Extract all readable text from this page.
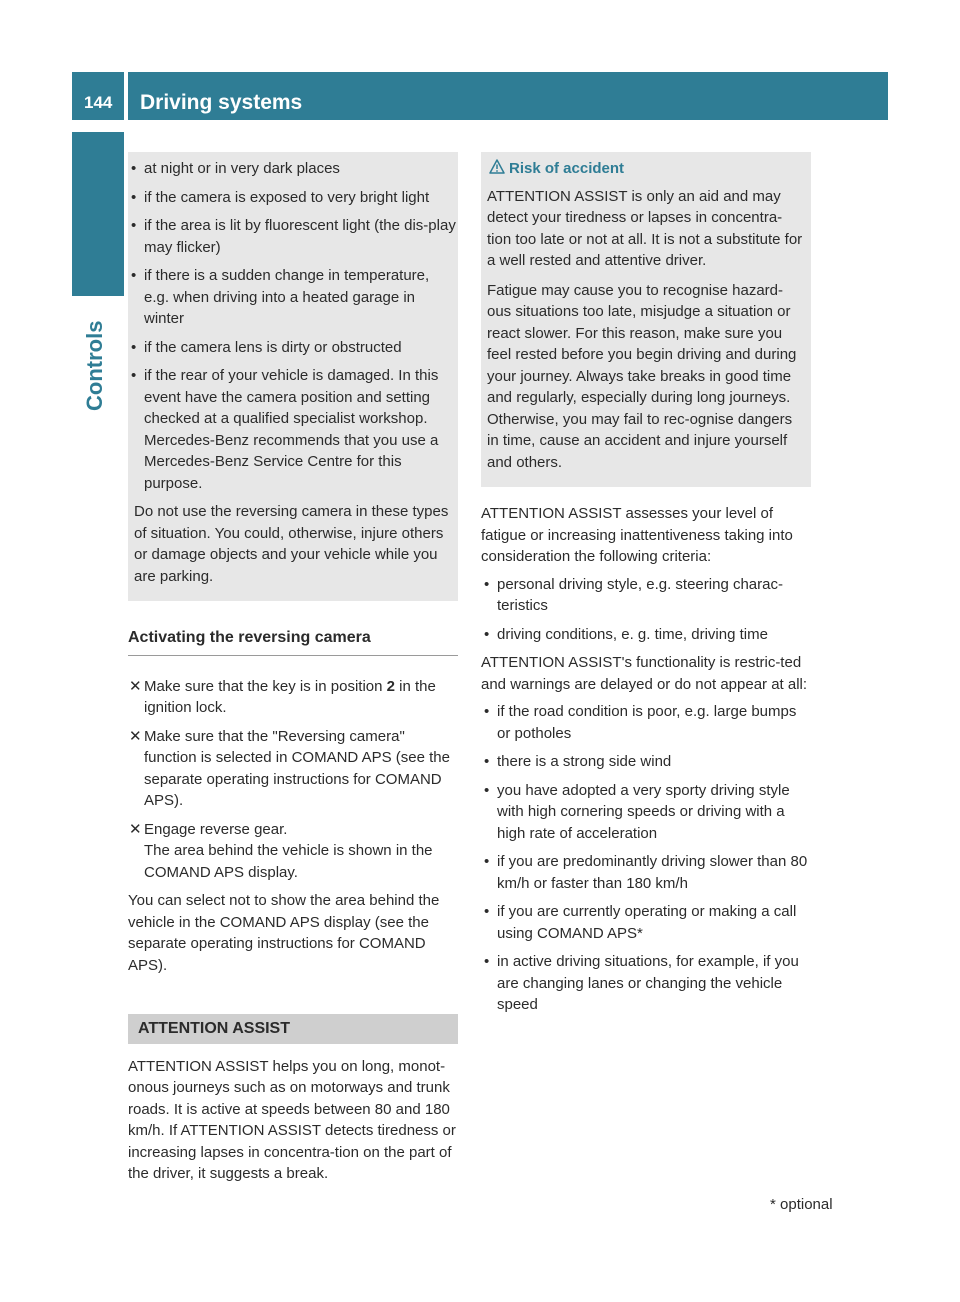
144	Driving systems
Controls
• at night or in very dark places
• if the camera is exposed to very bright light
• if the area is lit by fluorescent light (the dis-play may flicker)
• if there is a sudden change in temperature, e.g. when driving into a heated garage in winter
• if the camera lens is dirty or obstructed
• if the rear of your vehicle is damaged. In this event have the camera position and setting checked at a qualified specialist workshop. Mercedes-Benz recommends that you use a Mercedes-Benz Service Centre for this purpose.

Do not use the reversing camera in these types of situation. You could, otherwise, injure others or damage objects and your vehicle while you are parking.

Activating the reversing camera
✕ Make sure that the key is in position 2 in the ignition lock.
✕ Make sure that the "Reversing camera" function is selected in COMAND APS (see the separate operating instructions for COMAND APS).
✕ Engage reverse gear.
The area behind the vehicle is shown in the COMAND APS display.

You can select not to show the area behind the vehicle in the COMAND APS display (see the separate operating instructions for COMAND APS).

ATTENTION ASSIST

ATTENTION ASSIST helps you on long, monot-onous journeys such as on motorways and trunk roads. It is active at speeds between 80 and 180 km/h. If ATTENTION ASSIST detects tiredness or increasing lapses in concentra-tion on the part of the driver, it suggests a break.

Risk of accident

ATTENTION ASSIST is only an aid and may detect your tiredness or lapses in concentra-tion too late or not at all. It is not a substitute for a well rested and attentive driver.

Fatigue may cause you to recognise hazard-ous situations too late, misjudge a situation or react slower. For this reason, make sure you feel rested before you begin driving and during your journey. Always take breaks in good time and regularly, especially during long journeys. Otherwise, you may fail to rec-ognise dangers in time, cause an accident and injure yourself and others.

ATTENTION ASSIST assesses your level of fatigue or increasing inattentiveness taking into consideration the following criteria:

• personal driving style, e.g. steering charac-teristics
• driving conditions, e. g. time, driving time

ATTENTION ASSIST's functionality is restric-ted and warnings are delayed or do not appear at all:

• if the road condition is poor, e.g. large bumps or potholes
• there is a strong side wind
• you have adopted a very sporty driving style with high cornering speeds or driving with a high rate of acceleration
• if you are predominantly driving slower than 80 km/h or faster than 180 km/h
• if you are currently operating or making a call using COMAND APS*
• in active driving situations, for example, if you are changing lanes or changing the vehicle speed
* optional
